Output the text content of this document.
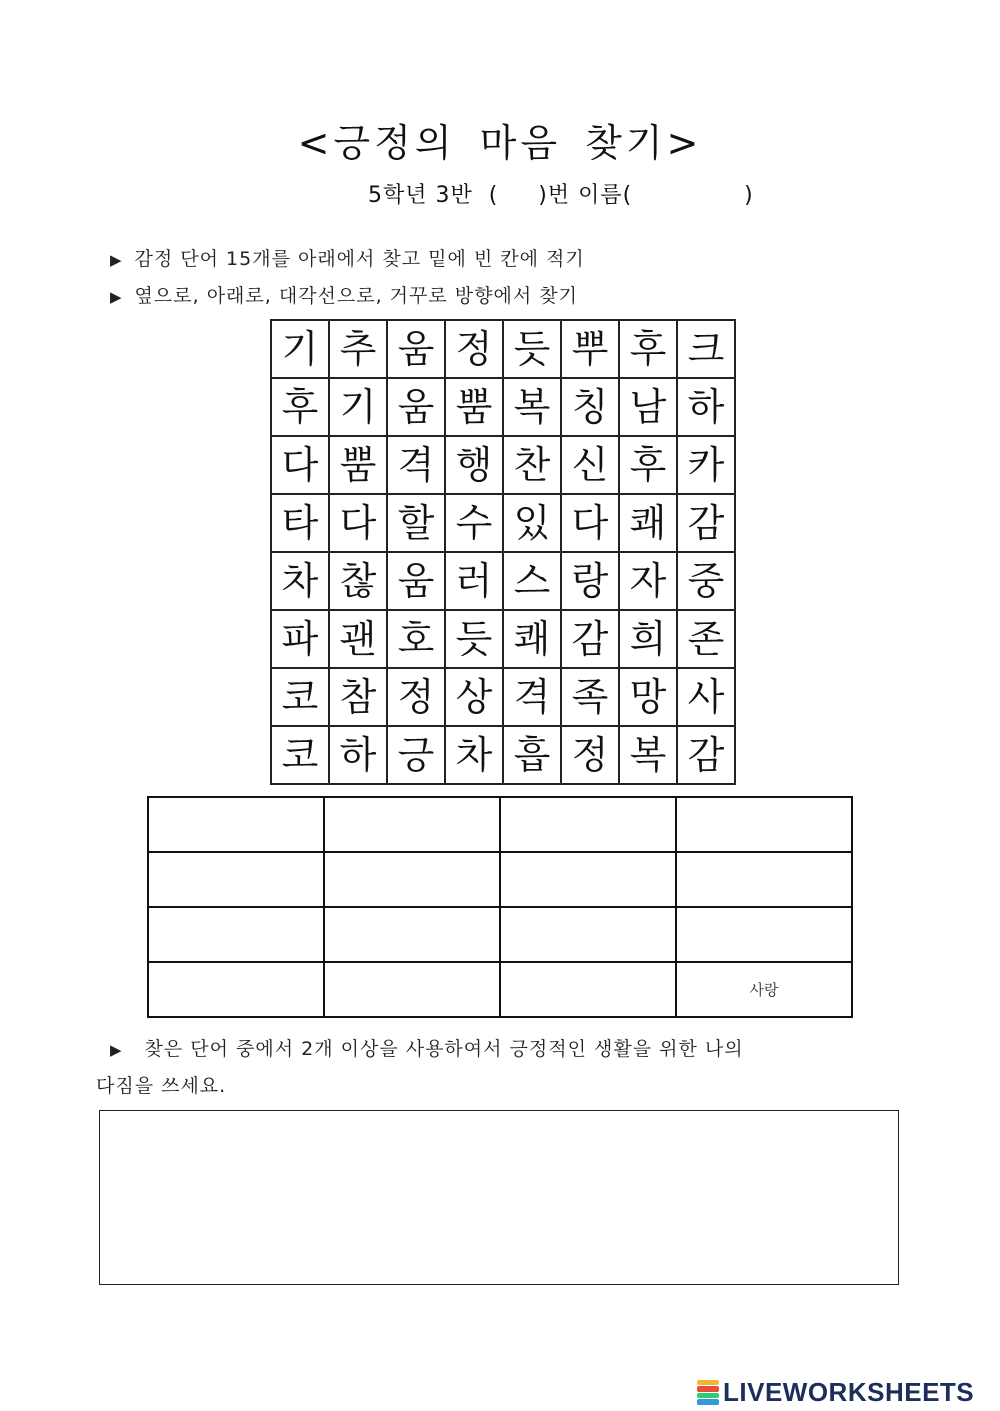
<긍정의 마음 찾기>
5학년 3반  (     )번 이름(              )
▶ 감정 단어 15개를 아래에서 찾고 밑에 빈 칸에 적기
▶ 옆으로, 아래로, 대각선으로, 거꾸로 방향에서 찾기
기	추	움	정	듯	뿌	후	크
후	기	움	뿜	복	칭	남	하
다	뿜	격	행	찬	신	후	카
타	다	할	수	있	다	쾌	감
차	찮	움	러	스	랑	자	중
파	괜	호	듯	쾌	감	희	존
코	참	정	상	격	족	망	사
코	하	긍	차	흡	정	복	감

			사랑
▶ 찾은 단어 중에서 2개 이상을 사용하여서 긍정적인 생활을 위한 나의
다짐을 쓰세요.
LIVEWORKSHEETS
